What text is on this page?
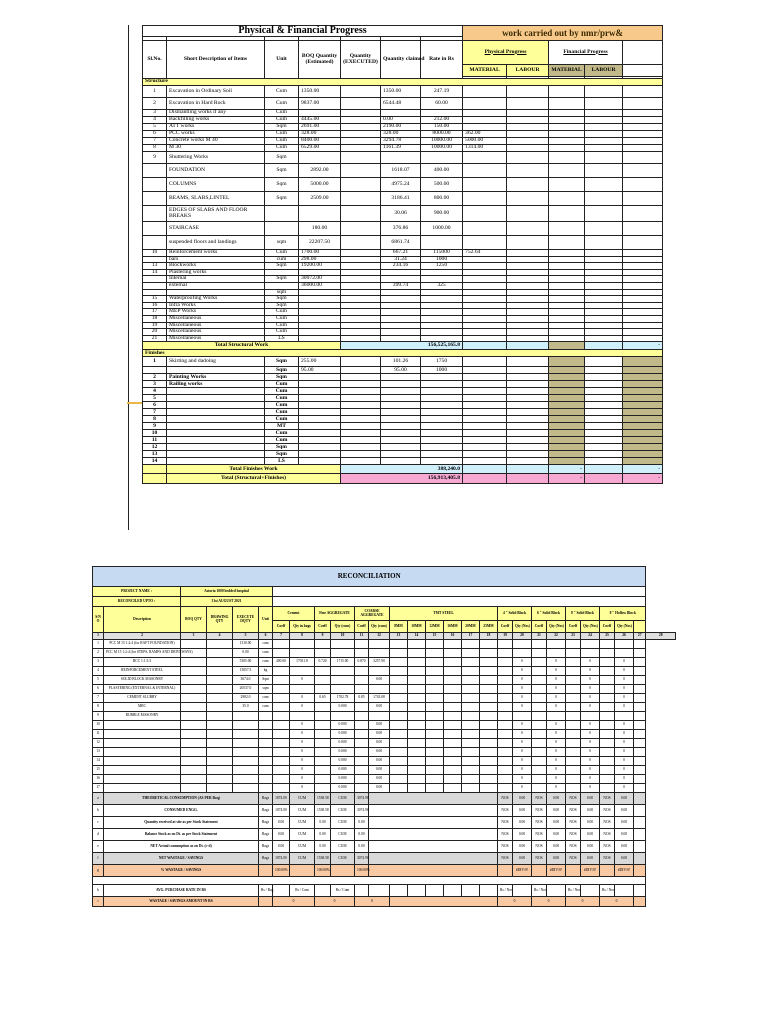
Physical & Financial Progress							work carried out by nmr/prw&				

Sl.No.	Short Description of Items	Unit	BOQ Quantity (Estimated)	Quantity (EXECUTED)	Quantity claimed	Rate in Rs	Physical Progress		Financial Progress		
							MATERIAL	LABOUR	MATERIAL	LABOUR	

Structure											
1	Excavation in Ordinary Soil	Cum	1350.00		1350.00	247.19					
2	Excavation in Hard Rock	Cum	9837.00		6544.48	60.00					
3	Dismantling works if any	Cum									
4	Backfilling works	Cum	4445.00		0.00	212.00					
5	ATT works	Sqm	2691.00		2190.00	150.00					
6	PCC works	Cum	328.00		328.00	8000.00	362.00				
7	Concrete works M 40	Cum	8400.00		3294.78	10000.00	5000.00				
8	M 30	Cum	6529.00		1161.39	10000.00	1314.00				
9	Shuttering Works	Sqm									
	FOUNDATION	Sqm	2892.00		1618.07	400.00					
	COLUMNS	Sqm	5000.00		4975.24	500.00					
	BEAMS, SLABS,LINTEL	Sqm	2509.00		3186.41	800.00					
	EDGES OF SLABS AND FLOOR BREAKS				30.06	900.00					
	STAIRCASE		180.00		376.86	1000.00					
	suspended floors and landings	sqm	22207.50		6861.74						
10	Reinforcement works	Cum	1700.00		667.21	115000	752.64				
	bars	cum	298.00		31.24	1000					
13	Blockworks	Sqm	19200.00		234.16	1250					
14	Plastering works										
	Internal	Sqm	30072.00								
	external		36000.00		399.74	325					
		sqm									
15	Waterproofing Works	Sqm									
16	Infra Works	Sqm									
17	MEP Works	Cum									
18	Miscellaneous	Cum									
19	Miscellaneous	Cum									
20	Miscellaneous	Cum									
21	Miscellaneous	LS									
Total Structural Work				156,525,165.8							-
Finishes											
1	Skirting and dadoing	Sqm	255.00		101.26	1750					
		Sqm	95.00		95.00	1000					
2	Painting Works	Sqm									
3	Railing works	Cum									
4		Cum									
5		Cum									
6		Cum									
7		Cum									
8		Cum									
9		MT									
10		Cum									
11		Cum									
12		Sqm									
13		Sqm									
14		LS									
	Total Finishes Work			388,240.0					-		-
	Total (Structural+Finishes)			156,913,405.8					-		-
RECONCILIATION																											
PROJECT NAME :		Astoria 1000 bedded hospital																									
RECONCILED UPTO :		31st AUGUST 2021																									
S/N O	Description	BOQ QTY	DRAWING QTY	EXECUTE DQTY	Unit	Cement		Fine AGGREGATE		COARSE AGGREGATE		TMT STEEL						4 " Solid Block		6 " Solid Block		8 " Solid Block		8 " Hollow Block			
						Coeff	Qty in bags	Coeff	Qty (cum)	Coeff	Qty (cum)	8MM	10MM	12MM	16MM	20MM	25MM	Coeff	Qty (Nos)	Coeff	Qty (Nos)	Coeff	Qty (Nos)	Coeff	Qty (Nos)		
1	2	3	4	5	6	7	8	9	10	11	12	13	14	15	16	17	18	19	20	21	22	23	24	25	26	27	28
1	PCC M 15 1:2:4 (for RAFT FOUNDATION)			1310.00	cum																						
2	PCC M 15 1:2:4 (for STEPS, RAMPS AND DRIVEWAYS)			0.00	cum																						
3	RCC 1:1.5:3			5305.00	cum	400.00	17031.8	0.720	1715.00	0.870	3257.90								0		0		0		0		
4	REINFORCEMENT STEEL			15057.5	kg														0		0		0		0		
5	SOLID BLOCK MASONRY			3674.0	Sqm		0				0.00								0		0		0		0		
6	PLASTERING (EXTERNAL & INTERNAL)			20537.0	sqm														0		0		0		0		
7	CEMENT SLURRY			2982.0	cum		0	0.65	1702.78	0.85	1743.08								0		0		0		0		
8	MRC			35.0	cum		0		0.000		0.00								0		0		0		0		
9	RUBBLE MASONRY																										
10							0		0.000		0.00								0		0		0		0		
11							0		0.000		0.00								0		0		0		0		
12							0		0.000		0.00								0		0		0		0		
13							0		0.000		0.00								0		0		0		0		
14							0		0.000		0.00								0		0		0		0		
15							0		0.000		0.00								0		0		0		0		
16							0		0.000		0.00								0		0		0		0		
17							0		0.000		0.00								0		0		0		0		
a	THEORETICAL CONSUMPTION (AS PER Boq)				Bags	1874.00	CUM	1538.58	CUM	3074.98								NOS	0.00	NOS	0.00	NOS	0.00	NOS	0.00		
b	CONSUMED ENGG.				Bags	1874.00	CUM	1538.58	CUM	3074.98								NOS	0.00	NOS	0.00	NOS	0.00	NOS	0.00		
c	Quantity received at site as per Stock Statement				Bags	0.00	CUM	0.00	CUM	0.00								NOS	0.00	NOS	0.00	NOS	0.00	NOS	0.00		
d	Balance Stock as on Dt. as per Stock Statement				Bags	0.00	CUM	0.00	CUM	0.00								NOS	0.00	NOS	0.00	NOS	0.00	NOS	0.00		
e	NET Actual consumption as on Dt. (c-d)				Bags	0.00	CUM	0.00	CUM	0.00								NOS	0.00	NOS	0.00	NOS	0.00	NOS	0.00		
f	NET WASTAGE / SAVINGS				Bags	1874.00	CUM	1538.58	CUM	3074.98								NOS	0.00	NOS	0.00	NOS	0.00	NOS	0.00		
g	% WASTAGE / SAVINGS					100.00%		100.00%		100.00%									#DIV/0!		#DIV/0!		#DIV/0!		#DIV/0!		

h	AVG. PURCHASE RATE IN RS				Rs / Bag		Rs / Cum		Rs / Cum									Rs / Nos		Rs / Nos		Rs / Nos		Rs / Nos			
i	WASTAGE / SAVINGS AMOUNT IN RS					0		0		0								0		0		0		0			
